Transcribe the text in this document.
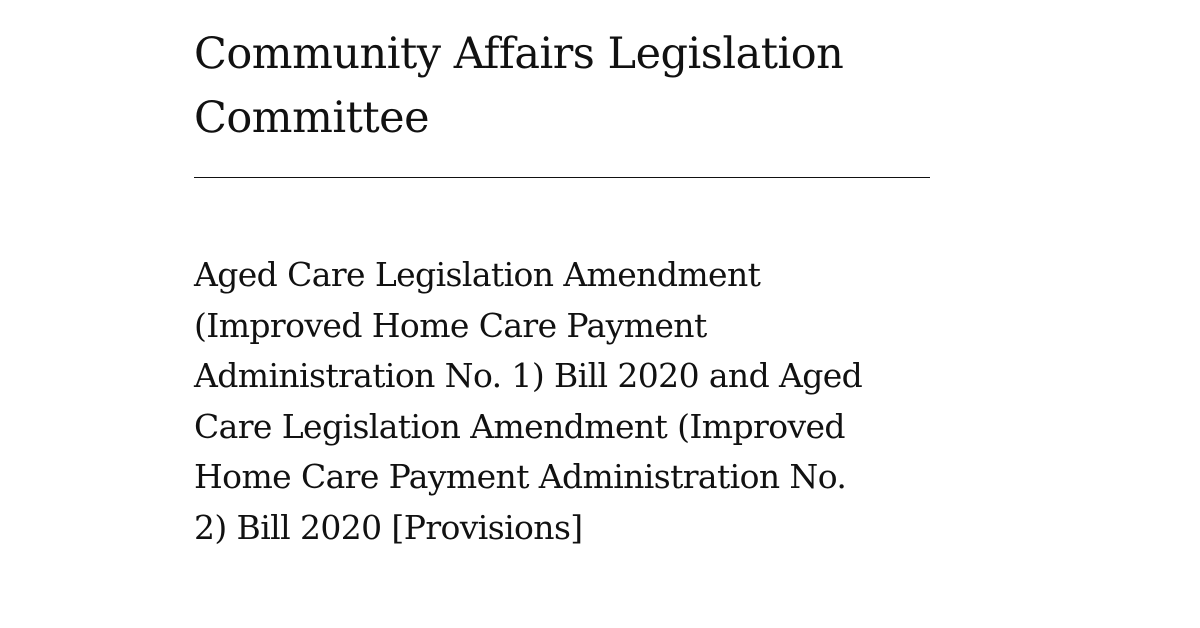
Community Affairs Legislation
Committee
Aged Care Legislation Amendment
(Improved Home Care Payment
Administration No. 1) Bill 2020 and Aged
Care Legislation Amendment (Improved
Home Care Payment Administration No.
2) Bill 2020 [Provisions]
